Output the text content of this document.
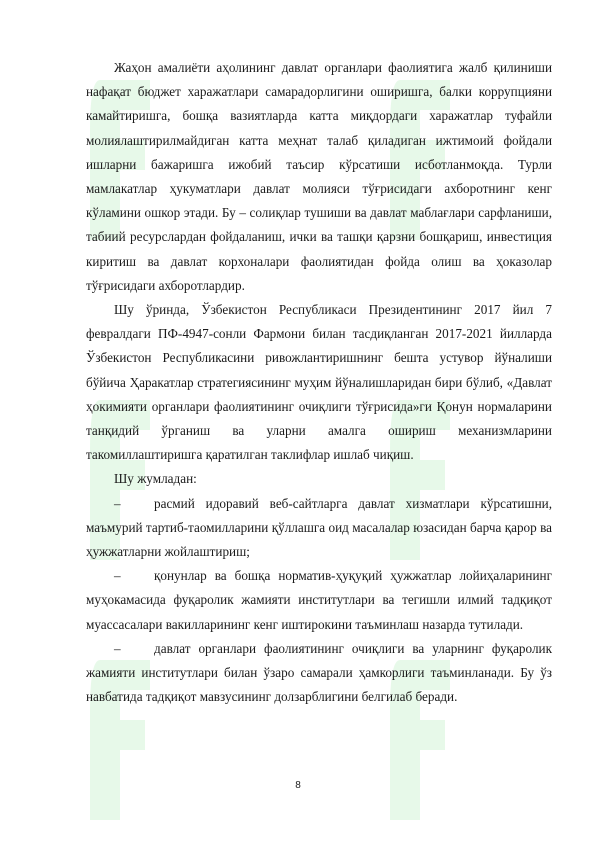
Жаҳон амалиёти аҳолининг давлат органлари фаолиятига жалб қилиниши нафақат бюджет харажатлари самарадорлигини оширишга, балки коррупцияни камайтиришга, бошқа вазиятларда катта миқдордаги харажатлар туфайли молиялаштирилмайдиган катта меҳнат талаб қиладиган ижтимоий фойдали ишларни бажаришга ижобий таъсир кўрсатиши исботланмоқда. Турли мамлакатлар ҳукуматлари давлат молияси тўғрисидаги ахборотнинг кенг кўламини ошкор этади. Бу – солиқлар тушиши ва давлат маблағлари сарфланиши, табиий ресурслардан фойдаланиш, ички ва ташқи қарзни бошқариш, инвестиция киритиш ва давлат корхоналари фаолиятидан фойда олиш ва ҳоказолар тўғрисидаги ахборотлардир.

Шу ўринда, Ўзбекистон Республикаси Президентининг 2017 йил 7 февралдаги ПФ-4947-сонли Фармони билан тасдиқланган 2017-2021 йилларда Ўзбекистон Республикасини ривожлантиришнинг бешта устувор йўналиши бўйича Ҳаракатлар стратегиясининг муҳим йўналишларидан бири бўлиб, «Давлат ҳокимияти органлари фаолиятининг очиқлиги тўғрисида»ги Қонун нормаларини танқидий ўрганиш ва уларни амалга ошириш механизмларини такомиллаштиришга қаратилган таклифлар ишлаб чиқиш.

Шу жумладан:

–	расмий идоравий веб-сайтларга давлат хизматлари кўрсатишни, маъмурий тартиб-таомилларини қўллашга оид масалалар юзасидан барча қарор ва ҳужжатларни жойлаштириш;

–	қонунлар ва бошқа норматив-ҳуқуқий ҳужжатлар лойиҳаларининг муҳокамасида фуқаролик жамияти институтлари ва тегишли илмий тадқиқот муассасалари вакилларининг кенг иштирокини таъминлаш назарда тутилади.

–	давлат органлари фаолиятининг очиқлиги ва уларнинг фуқаролик жамияти институтлари билан ўзаро самарали ҳамкорлиги таъминланади. Бу ўз навбатида тадқиқот мавзусининг долзарблигини белгилаб беради.

8
